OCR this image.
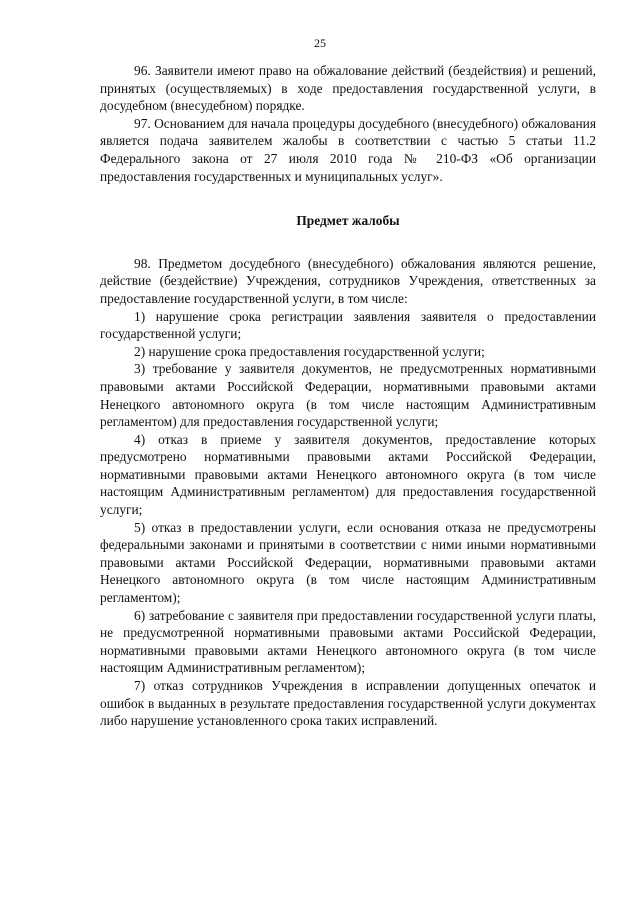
25

96. Заявители имеют право на обжалование действий (бездействия) и решений, принятых (осуществляемых) в ходе предоставления государственной услуги, в досудебном (внесудебном) порядке.

97. Основанием для начала процедуры досудебного (внесудебного) обжалования является подача заявителем жалобы в соответствии с частью 5 статьи 11.2 Федерального закона от 27 июля 2010 года № 210-ФЗ «Об организации предоставления государственных и муниципальных услуг».

Предмет жалобы

98. Предметом досудебного (внесудебного) обжалования являются решение, действие (бездействие) Учреждения, сотрудников Учреждения, ответственных за предоставление государственной услуги, в том числе:

1) нарушение срока регистрации заявления заявителя о предоставлении государственной услуги;

2) нарушение срока предоставления государственной услуги;

3) требование у заявителя документов, не предусмотренных нормативными правовыми актами Российской Федерации, нормативными правовыми актами Ненецкого автономного округа (в том числе настоящим Административным регламентом) для предоставления государственной услуги;

4) отказ в приеме у заявителя документов, предоставление которых предусмотрено нормативными правовыми актами Российской Федерации, нормативными правовыми актами Ненецкого автономного округа (в том числе настоящим Административным регламентом) для предоставления государственной услуги;

5) отказ в предоставлении услуги, если основания отказа не предусмотрены федеральными законами и принятыми в соответствии с ними иными нормативными правовыми актами Российской Федерации, нормативными правовыми актами Ненецкого автономного округа (в том числе настоящим Административным регламентом);

6) затребование с заявителя при предоставлении государственной услуги платы, не предусмотренной нормативными правовыми актами Российской Федерации, нормативными правовыми актами Ненецкого автономного округа (в том числе настоящим Административным регламентом);

7) отказ сотрудников Учреждения в исправлении допущенных опечаток и ошибок в выданных в результате предоставления государственной услуги документах либо нарушение установленного срока таких исправлений.
